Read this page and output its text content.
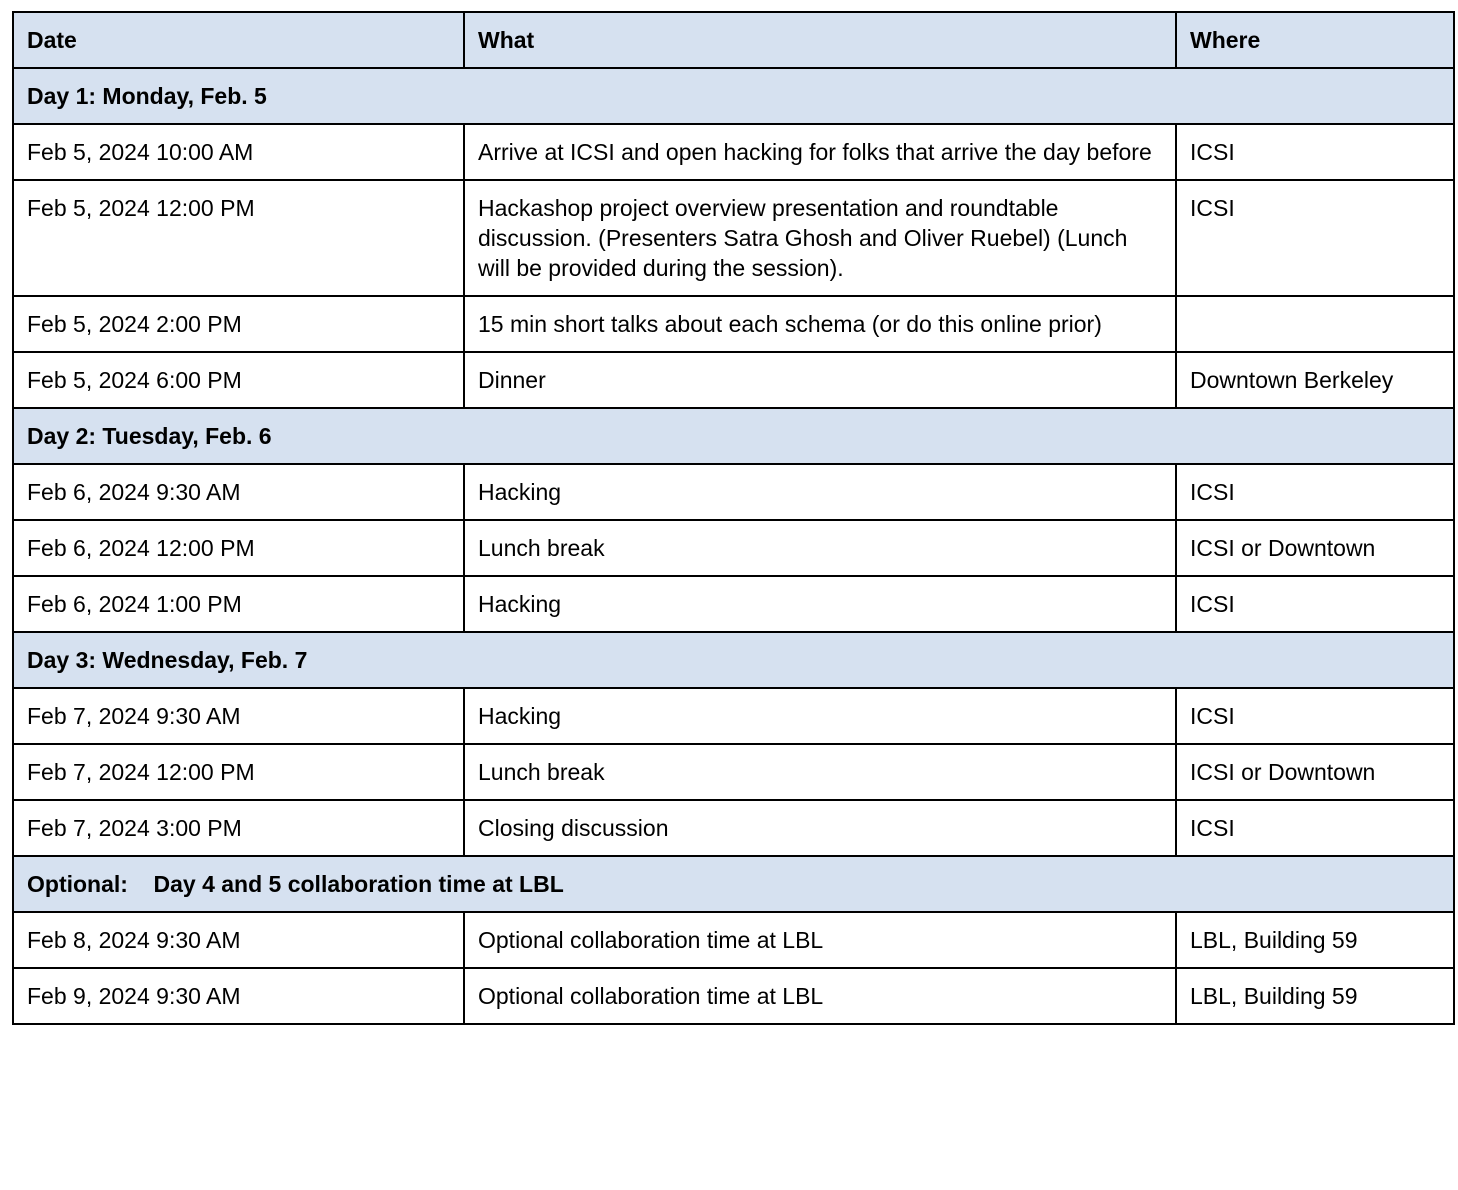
Date	What	Where
Day 1: Monday, Feb. 5		
Feb 5, 2024 10:00 AM	Arrive at ICSI and open hacking for folks that arrive the day before	ICSI
Feb 5, 2024 12:00 PM	Hackashop project overview presentation and roundtable discussion. (Presenters Satra Ghosh and Oliver Ruebel) (Lunch will be provided during the session).	ICSI
Feb 5, 2024 2:00 PM	15 min short talks about each schema (or do this online prior)	
Feb 5, 2024 6:00 PM	Dinner	Downtown Berkeley
Day 2: Tuesday, Feb. 6		
Feb 6, 2024 9:30 AM	Hacking	ICSI
Feb 6, 2024 12:00 PM	Lunch break	ICSI or Downtown
Feb 6, 2024 1:00 PM	Hacking	ICSI
Day 3: Wednesday, Feb. 7		
Feb 7, 2024 9:30 AM	Hacking	ICSI
Feb 7, 2024 12:00 PM	Lunch break	ICSI or Downtown
Feb 7, 2024 3:00 PM	Closing discussion	ICSI
Optional:    Day 4 and 5 collaboration time at LBL		
Feb 8, 2024 9:30 AM	Optional collaboration time at LBL	LBL, Building 59
Feb 9, 2024 9:30 AM	Optional collaboration time at LBL	LBL, Building 59
